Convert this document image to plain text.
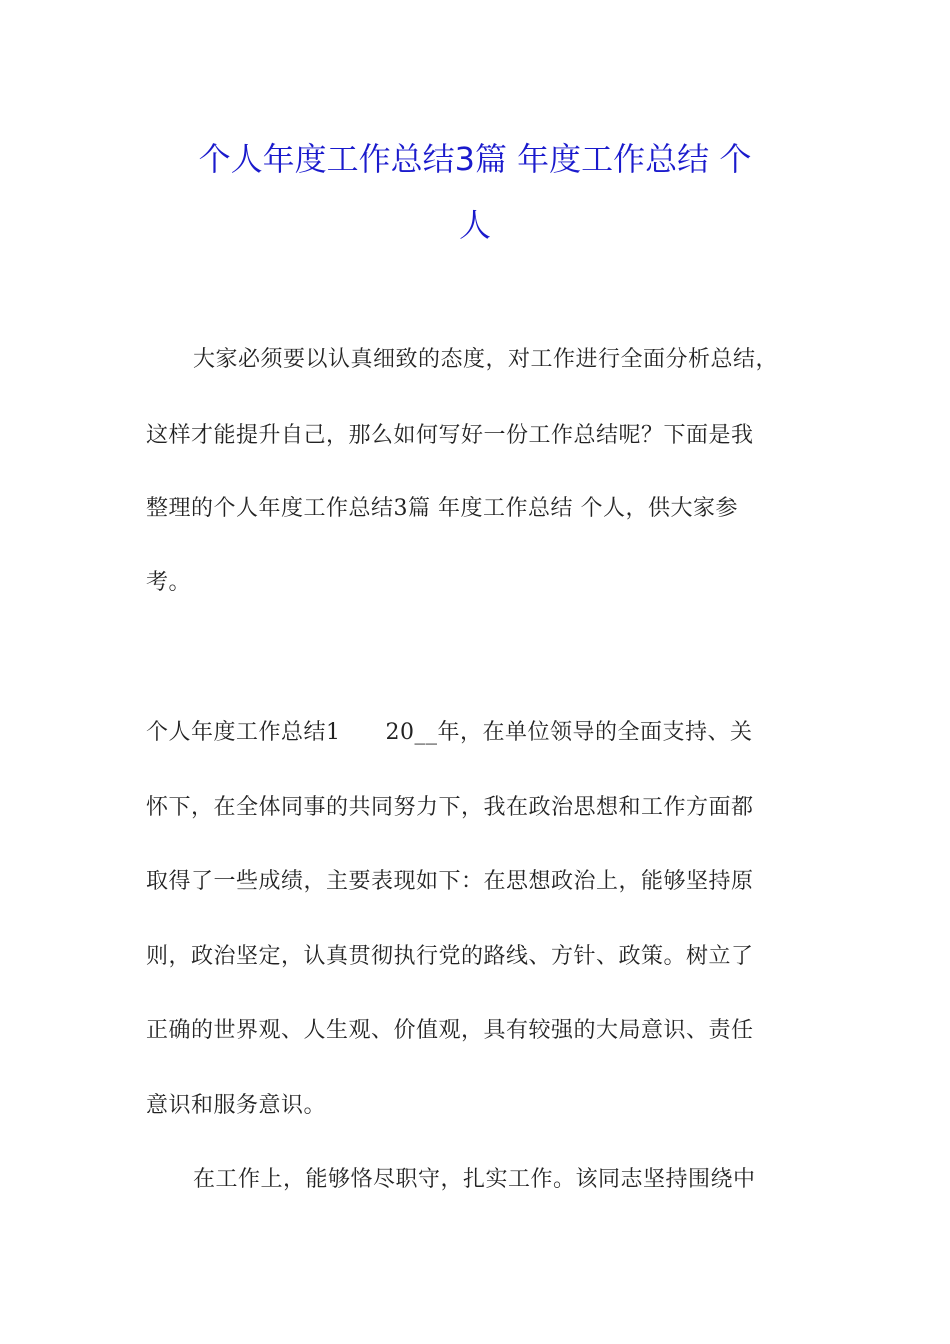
个人年度工作总结3篇 年度工作总结 个
人
大家必须要以认真细致的态度，对工作进行全面分析总结，
这样才能提升自己，那么如何写好一份工作总结呢？下面是我
整理的个人年度工作总结3篇 年度工作总结 个人，供大家参
考。
个人年度工作总结1　　20__年，在单位领导的全面支持、关
怀下，在全体同事的共同努力下，我在政治思想和工作方面都
取得了一些成绩，主要表现如下：在思想政治上，能够坚持原
则，政治坚定，认真贯彻执行党的路线、方针、政策。树立了
正确的世界观、人生观、价值观，具有较强的大局意识、责任
意识和服务意识。
在工作上，能够恪尽职守，扎实工作。该同志坚持围绕中
